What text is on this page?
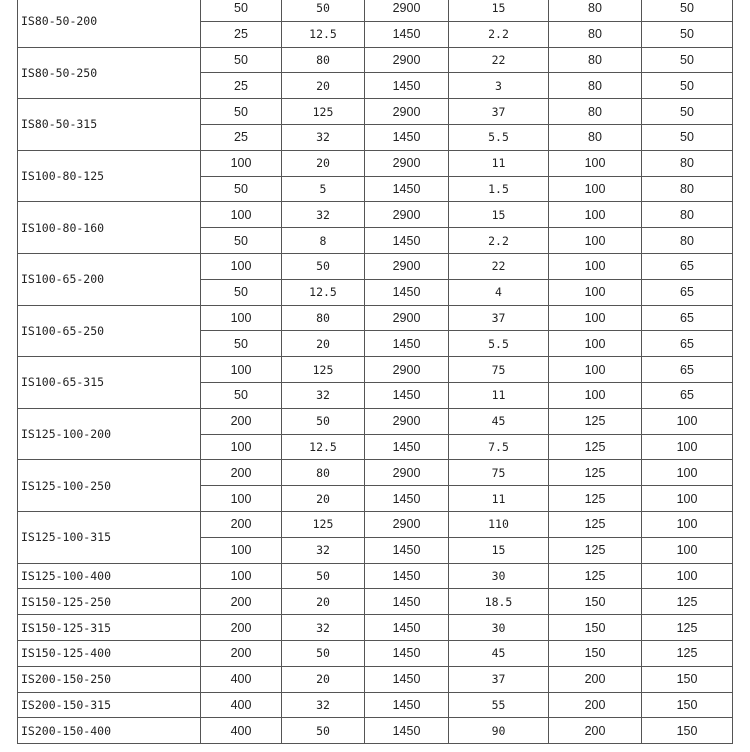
IS80-50-200	50	50	2900	15	80	50
	25	12.5	1450	2.2	80	50
IS80-50-250	50	80	2900	22	80	50
	25	20	1450	3	80	50
IS80-50-315	50	125	2900	37	80	50
	25	32	1450	5.5	80	50
IS100-80-125	100	20	2900	11	100	80
	50	5	1450	1.5	100	80
IS100-80-160	100	32	2900	15	100	80
	50	8	1450	2.2	100	80
IS100-65-200	100	50	2900	22	100	65
	50	12.5	1450	4	100	65
IS100-65-250	100	80	2900	37	100	65
	50	20	1450	5.5	100	65
IS100-65-315	100	125	2900	75	100	65
	50	32	1450	11	100	65
IS125-100-200	200	50	2900	45	125	100
	100	12.5	1450	7.5	125	100
IS125-100-250	200	80	2900	75	125	100
	100	20	1450	11	125	100
IS125-100-315	200	125	2900	110	125	100
	100	32	1450	15	125	100
IS125-100-400	100	50	1450	30	125	100
IS150-125-250	200	20	1450	18.5	150	125
IS150-125-315	200	32	1450	30	150	125
IS150-125-400	200	50	1450	45	150	125
IS200-150-250	400	20	1450	37	200	150
IS200-150-315	400	32	1450	55	200	150
IS200-150-400	400	50	1450	90	200	150
